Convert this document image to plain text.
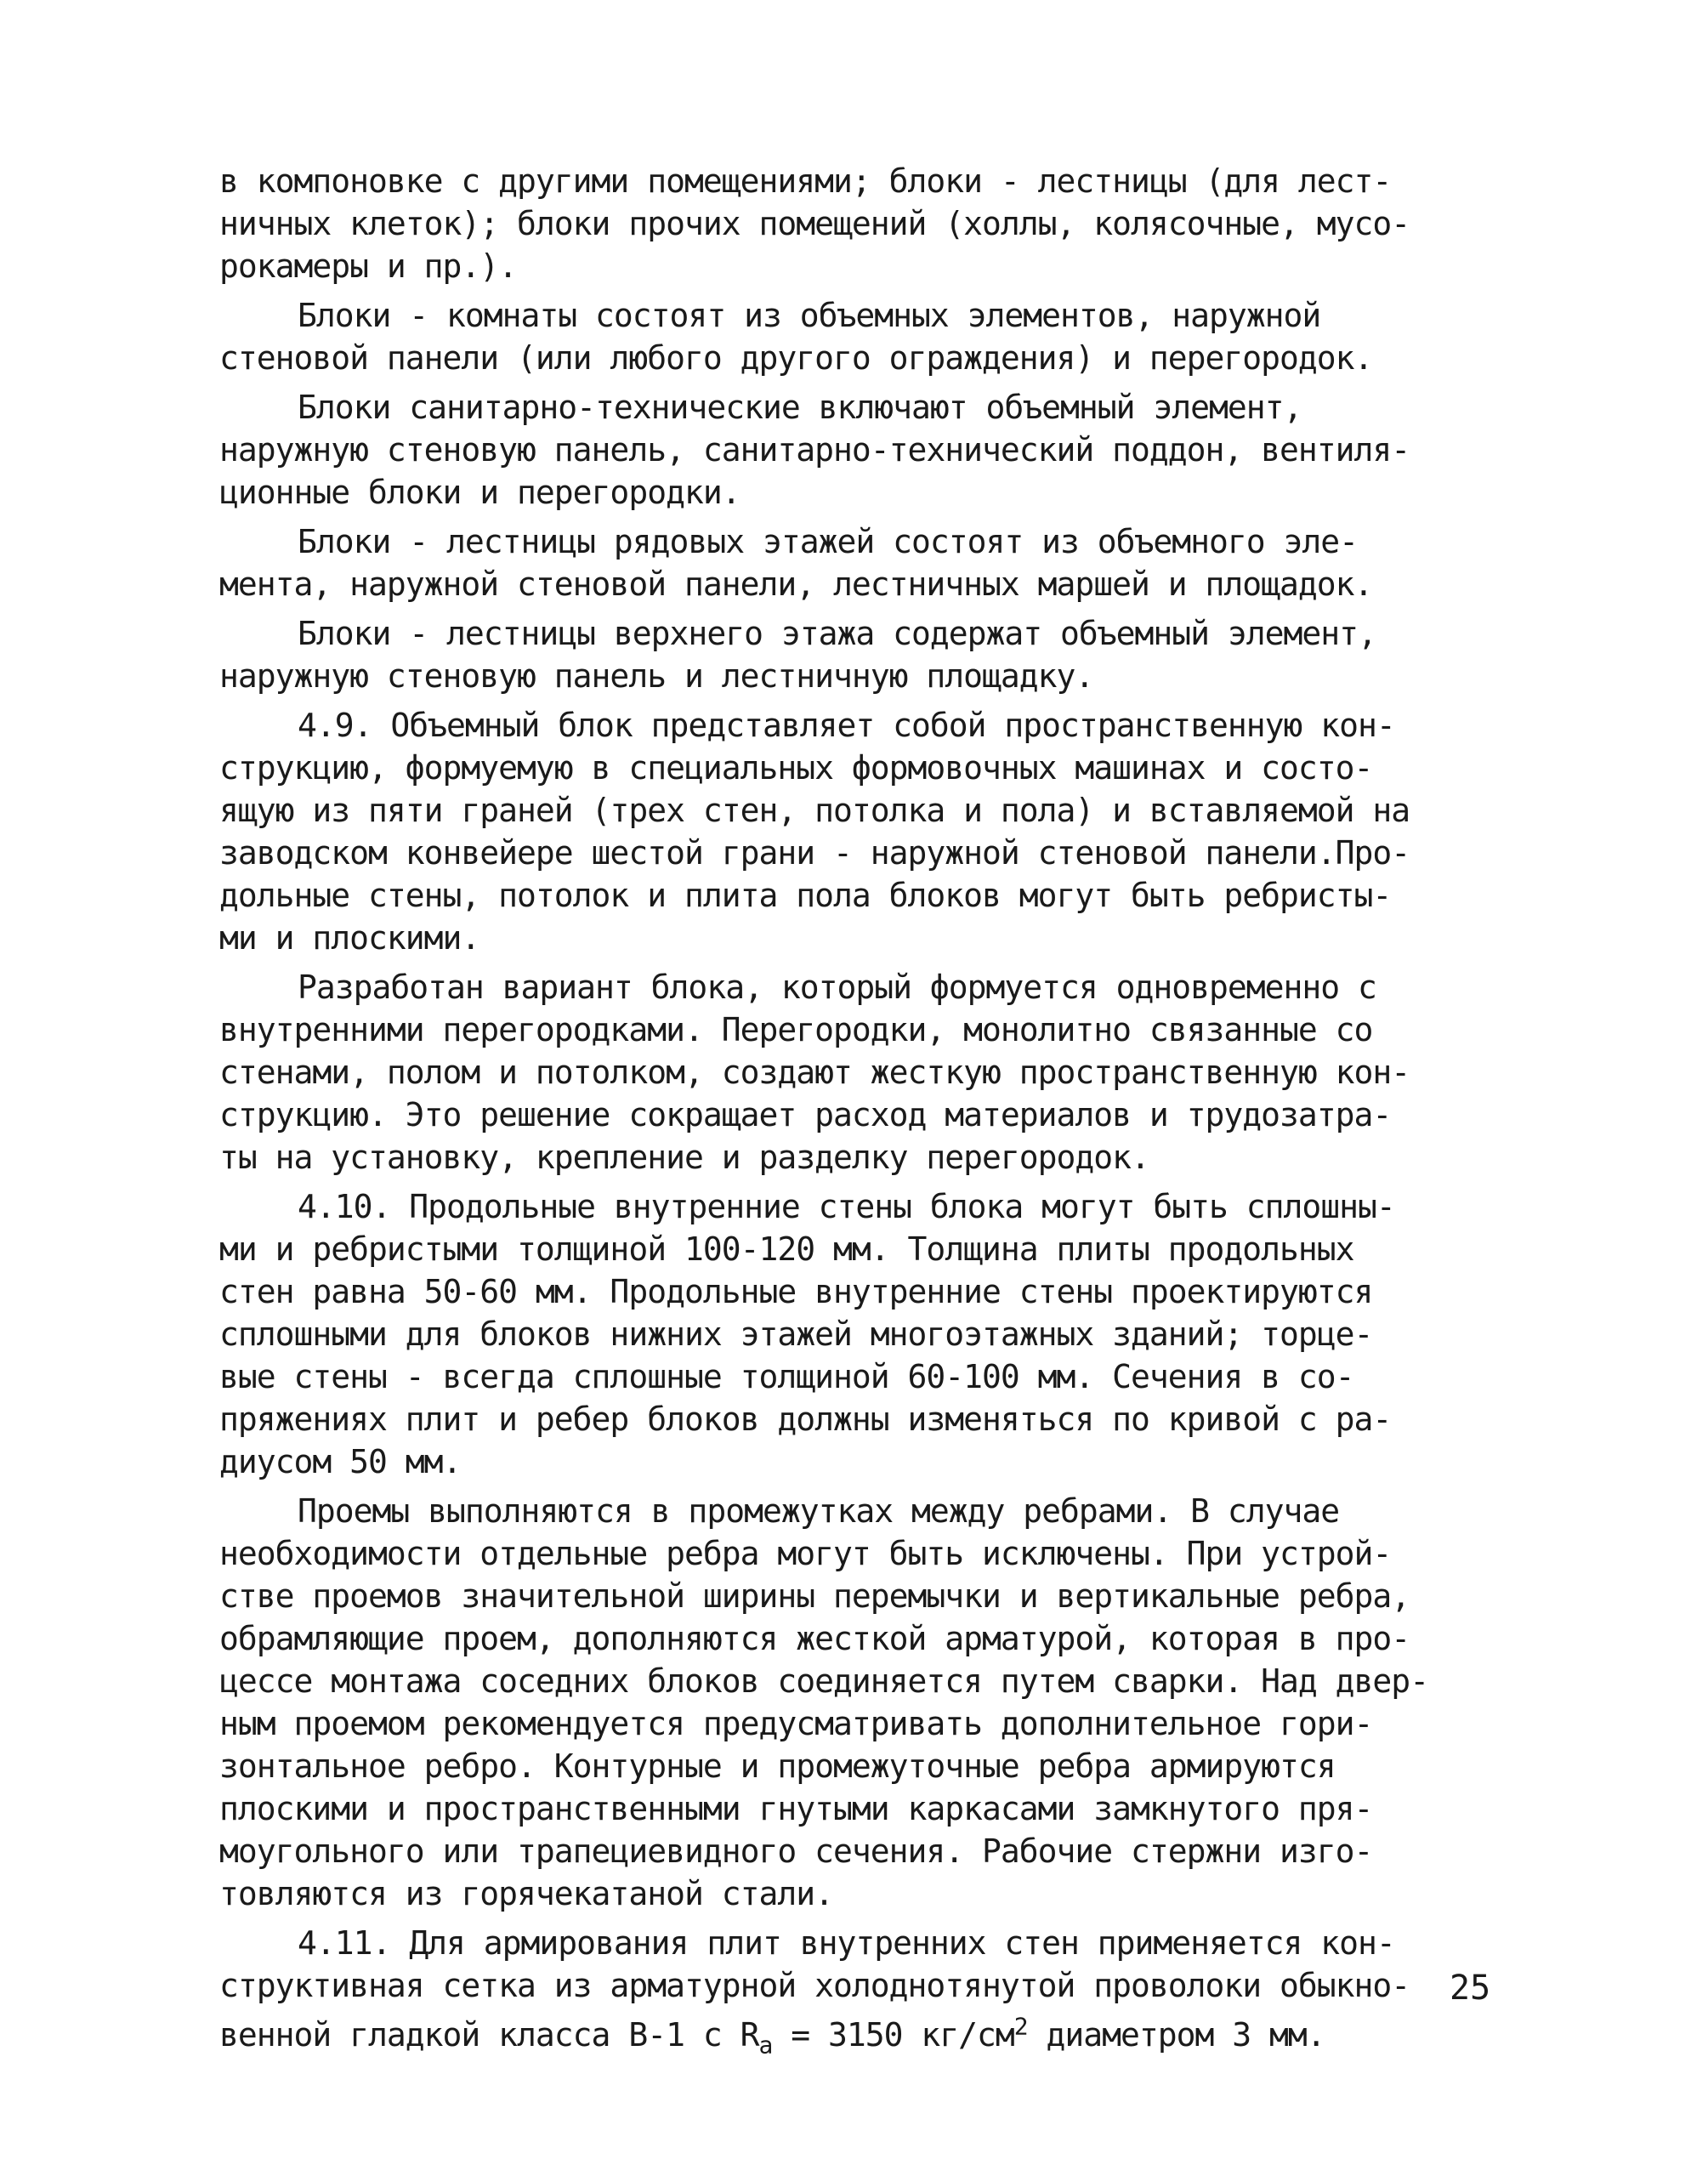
в компоновке с другими помещениями; блоки - лестницы (для лест-
ничных клеток); блоки прочих помещений (холлы, колясочные, мусо-
рокамеры и пр.).
Блоки - комнаты состоят из объемных элементов, наружной
стеновой панели (или любого другого ограждения) и перегородок.
Блоки санитарно-технические включают объемный элемент,
наружную стеновую панель, санитарно-технический поддон, вентиля-
ционные блоки и перегородки.
Блоки - лестницы рядовых этажей состоят из объемного эле-
мента, наружной стеновой панели, лестничных маршей и площадок.
Блоки - лестницы верхнего этажа содержат объемный элемент,
наружную стеновую панель и лестничную площадку.
4.9. Объемный блок представляет собой пространственную кон-
струкцию, формуемую в специальных формовочных машинах и состо-
ящую из пяти граней (трех стен, потолка и пола) и вставляемой на
заводском конвейере шестой грани - наружной стеновой панели.Про-
дольные стены, потолок и плита пола блоков могут быть ребристы-
ми и плоскими.
Разработан вариант блока, который формуется одновременно с
внутренними перегородками. Перегородки, монолитно связанные со
стенами, полом и потолком, создают жесткую пространственную кон-
струкцию. Это решение сокращает расход материалов и трудозатра-
ты на установку, крепление и разделку перегородок.
4.10. Продольные внутренние стены блока могут быть сплошны-
ми и ребристыми толщиной 100-120 мм. Толщина плиты продольных
стен равна 50-60 мм. Продольные внутренние стены проектируются
сплошными для блоков нижних этажей многоэтажных зданий; торце-
вые стены - всегда сплошные толщиной 60-100 мм. Сечения в со-
пряжениях плит и ребер блоков должны изменяться по кривой с ра-
диусом 50 мм.
Проемы выполняются в промежутках между ребрами. В случае
необходимости отдельные ребра могут быть исключены. При устрой-
стве проемов значительной ширины перемычки и вертикальные ребра,
обрамляющие проем, дополняются жесткой арматурой, которая в про-
цессе монтажа соседних блоков соединяется путем сварки. Над двер-
ным проемом рекомендуется предусматривать дополнительное гори-
зонтальное ребро. Контурные и промежуточные ребра армируются
плоскими и пространственными гнутыми каркасами замкнутого пря-
моугольного или трапециевидного сечения. Рабочие стержни изго-
товляются из горячекатаной стали.
4.11. Для армирования плит внутренних стен применяется кон-
структивная сетка из арматурной холоднотянутой проволоки обыкно-
венной гладкой класса В-1 с $R_а = 3150$ $кг/см^2$ диаметром 3 мм.
25
